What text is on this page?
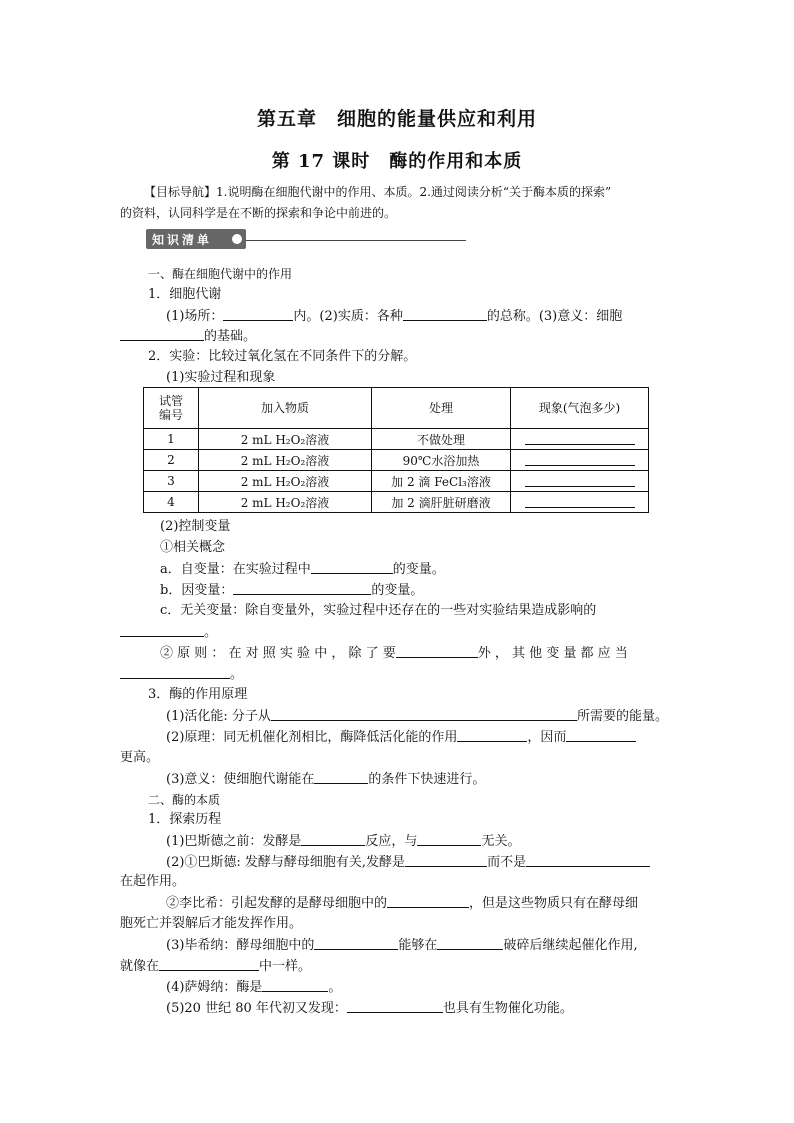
第五章　细胞的能量供应和利用
第 17 课时　酶的作用和本质
【目标导航】1.说明酶在细胞代谢中的作用、本质。2.通过阅读分析“关于酶本质的探索”
的资料，认同科学是在不断的探索和争论中前进的。
知识清单
一、酶在细胞代谢中的作用
1．细胞代谢
(1)场所：	内。(2)实质：各种	的总称。(3)意义：细胞
的基础。
2．实验：比较过氧化氢在不同条件下的分解。
(1)实验过程和现象
试管
编号	加入物质	处理	现象(气泡多少)
1	2 mL H₂O₂溶液	不做处理	
2	2 mL H₂O₂溶液	90℃水浴加热	
3	2 mL H₂O₂溶液	加 2 滴 FeCl₃溶液	
4	2 mL H₂O₂溶液	加 2 滴肝脏研磨液	
(2)控制变量
①相关概念
a．自变量：在实验过程中	的变量。
b．因变量：	的变量。
c．无关变量：除自变量外，实验过程中还存在的一些对实验结果造成影响的
。
② 原 则 ： 在 对 照 实 验 中 ， 除 了 要	外 ， 其 他 变 量 都 应 当
。
3．酶的作用原理
(1)活化能: 分子从	所需要的能量。
(2)原理：同无机催化剂相比，酶降低活化能的作用	，因而
更高。
(3)意义：使细胞代谢能在	的条件下快速进行。
二、酶的本质
1．探索历程
(1)巴斯德之前：发酵是	反应，与	无关。
(2)①巴斯德: 发酵与酵母细胞有关,发酵是	而不是
在起作用。
②李比希：引起发酵的是酵母细胞中的	，但是这些物质只有在酵母细
胞死亡并裂解后才能发挥作用。
(3)毕希纳：酵母细胞中的	能够在	破碎后继续起催化作用,
就像在	中一样。
(4)萨姆纳：酶是	。
(5)20 世纪 80 年代初又发现：	也具有生物催化功能。
